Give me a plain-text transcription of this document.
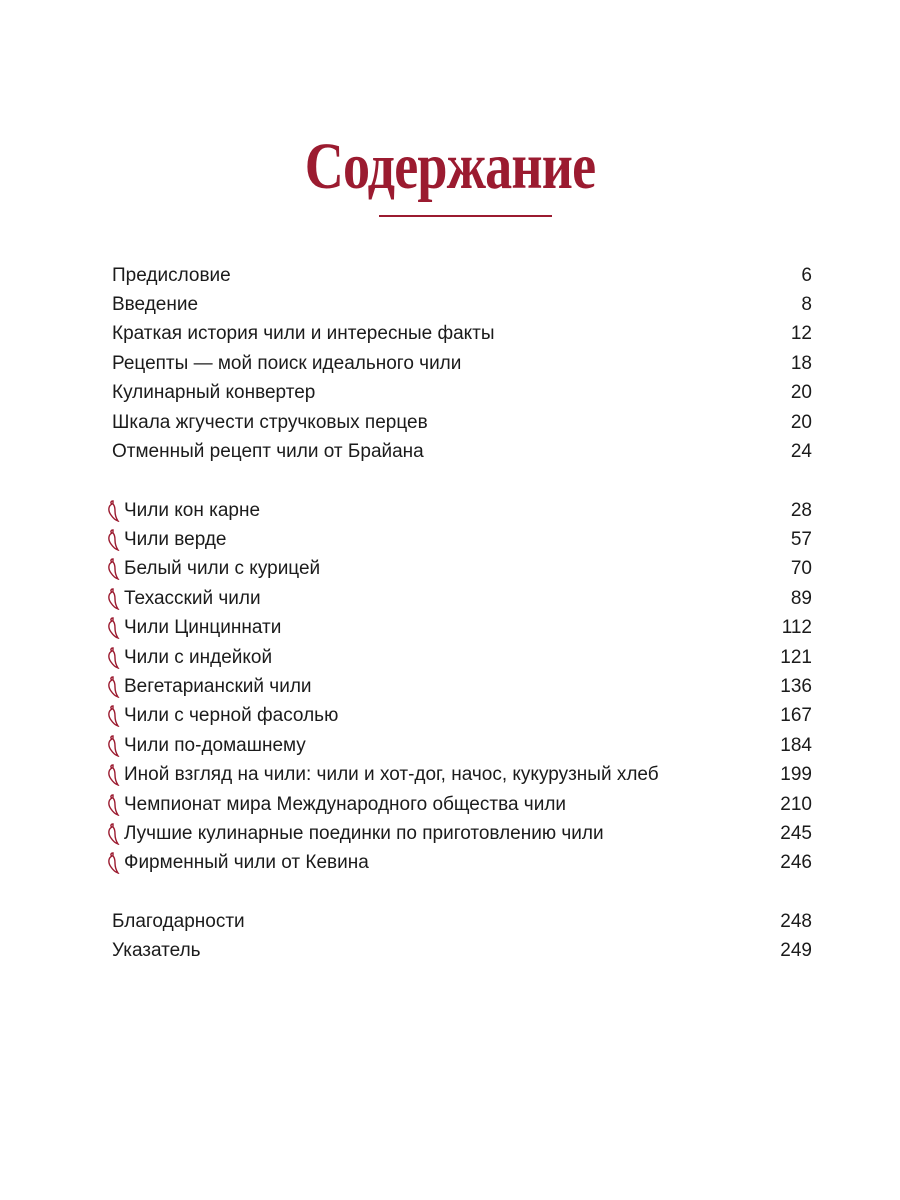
Содержание
Предисловие	6
Введение	8
Краткая история чили и интересные факты	12
Рецепты — мой поиск идеального чили	18
Кулинарный конвертер	20
Шкала жгучести стручковых перцев	20
Отменный рецепт чили от Брайана	24
Чили кон карне	28
Чили верде	57
Белый чили с курицей	70
Техасский чили	89
Чили Цинциннати	112
Чили с индейкой	121
Вегетарианский чили	136
Чили с черной фасолью	167
Чили по-домашнему	184
Иной взгляд на чили: чили и хот-дог, начос, кукурузный хлеб	199
Чемпионат мира Международного общества чили	210
Лучшие кулинарные поединки по приготовлению чили	245
Фирменный чили от Кевина	246
Благодарности	248
Указатель	249
